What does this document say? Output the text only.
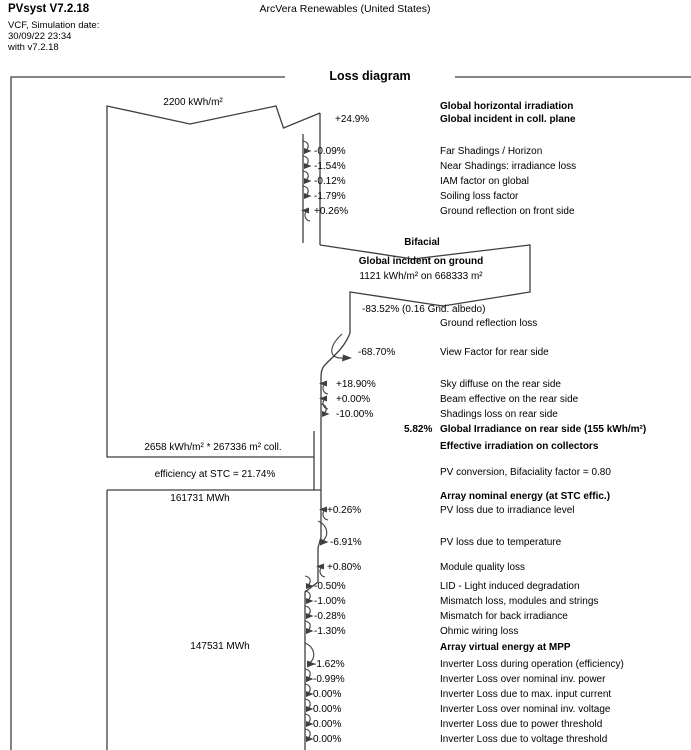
PVsyst V7.2.18
VCF, Simulation date:
30/09/22 23:34
with v7.2.18
ArcVera Renewables (United States)
Loss diagram
2200 kWh/m²	Global horizontal irradiation
+24.9%	Global incident in coll. plane
-0.09%	Far Shadings / Horizon
-1.54%	Near Shadings: irradiance loss
-0.12%	IAM factor on global
-1.79%	Soiling loss factor
+0.26%	Ground reflection on front side
Bifacial
Global incident on ground
1121 kWh/m² on 668333 m²
-83.52% (0.16 Gnd. albedo)
Ground reflection loss
-68.70%	View Factor for rear side
+18.90%	Sky diffuse on the rear side
+0.00%	Beam effective on the rear side
-10.00%	Shadings loss on rear side
5.82% Global Irradiance on rear side (155 kWh/m²)
2658 kWh/m² * 267336 m² coll.	Effective irradiation on collectors
efficiency at STC = 21.74%	PV conversion, Bifaciality factor = 0.80
161731 MWh	Array nominal energy (at STC effic.)
+0.26%	PV loss due to irradiance level
-6.91%	PV loss due to temperature
+0.80%	Module quality loss
-0.50%	LID - Light induced degradation
-1.00%	Mismatch loss, modules and strings
-0.28%	Mismatch for back irradiance
-1.30%	Ohmic wiring loss
147531 MWh	Array virtual energy at MPP
-1.62%	Inverter Loss during operation (efficiency)
-0.99%	Inverter Loss over nominal inv. power
0.00%	Inverter Loss due to max. input current
0.00%	Inverter Loss over nominal inv. voltage
0.00%	Inverter Loss due to power threshold
0.00%	Inverter Loss due to voltage threshold
